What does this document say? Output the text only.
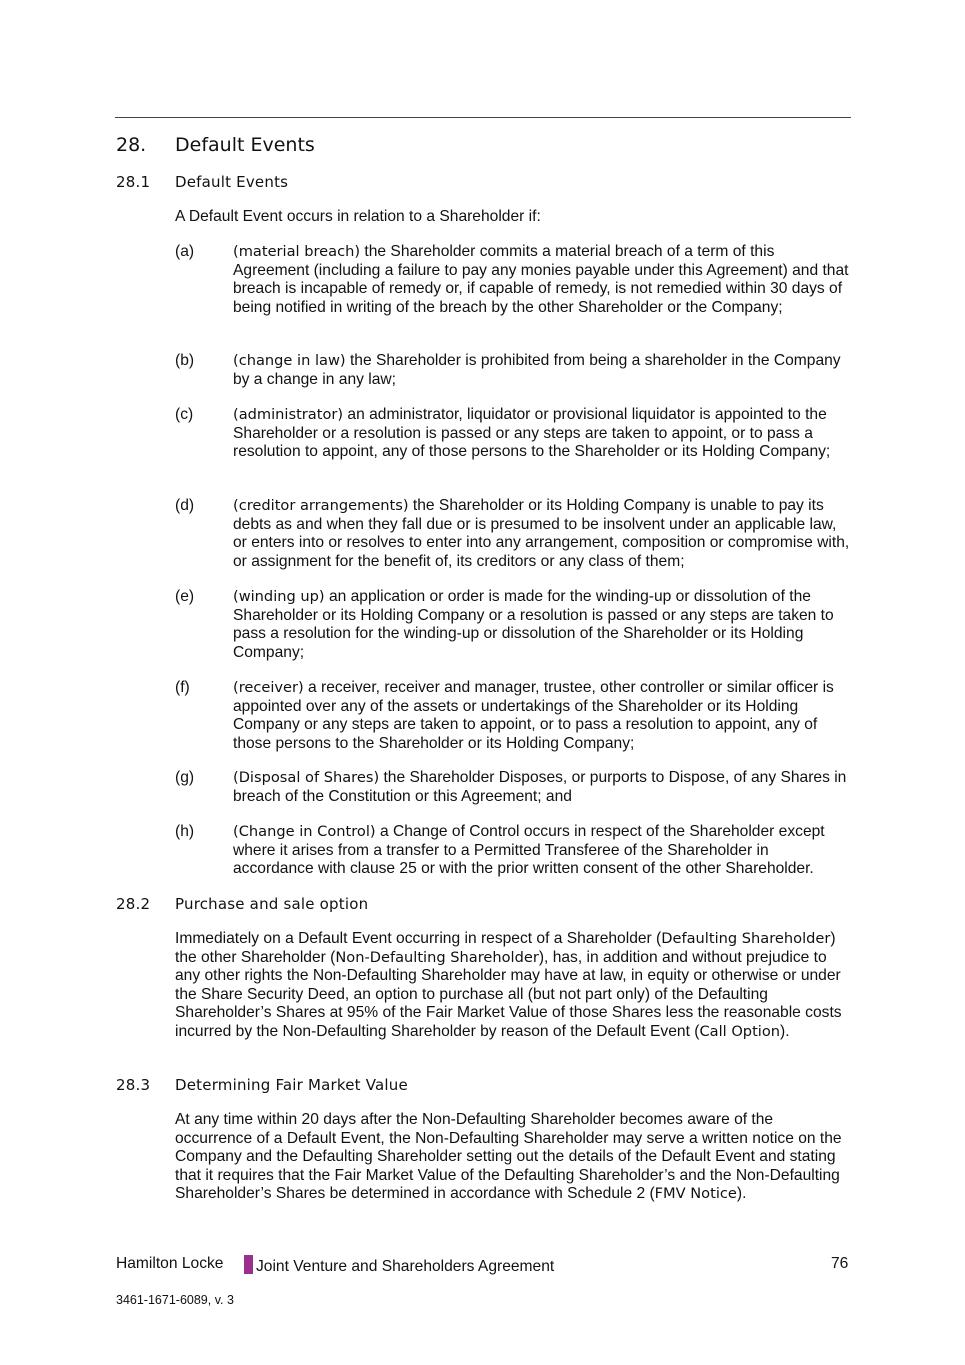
28. Default Events
28.1 Default Events
A Default Event occurs in relation to a Shareholder if:
(a)	(material breach) the Shareholder commits a material breach of a term of this Agreement (including a failure to pay any monies payable under this Agreement) and that breach is incapable of remedy or, if capable of remedy, is not remedied within 30 days of being notified in writing of the breach by the other Shareholder or the Company;
(b)	(change in law) the Shareholder is prohibited from being a shareholder in the Company by a change in any law;
(c)	(administrator) an administrator, liquidator or provisional liquidator is appointed to the Shareholder or a resolution is passed or any steps are taken to appoint, or to pass a resolution to appoint, any of those persons to the Shareholder or its Holding Company;
(d)	(creditor arrangements) the Shareholder or its Holding Company is unable to pay its debts as and when they fall due or is presumed to be insolvent under an applicable law, or enters into or resolves to enter into any arrangement, composition or compromise with, or assignment for the benefit of, its creditors or any class of them;
(e)	(winding up) an application or order is made for the winding-up or dissolution of the Shareholder or its Holding Company or a resolution is passed or any steps are taken to pass a resolution for the winding-up or dissolution of the Shareholder or its Holding Company;
(f)	(receiver) a receiver, receiver and manager, trustee, other controller or similar officer is appointed over any of the assets or undertakings of the Shareholder or its Holding Company or any steps are taken to appoint, or to pass a resolution to appoint, any of those persons to the Shareholder or its Holding Company;
(g)	(Disposal of Shares) the Shareholder Disposes, or purports to Dispose, of any Shares in breach of the Constitution or this Agreement; and
(h)	(Change in Control) a Change of Control occurs in respect of the Shareholder except where it arises from a transfer to a Permitted Transferee of the Shareholder in accordance with clause 25 or with the prior written consent of the other Shareholder.
28.2 Purchase and sale option
Immediately on a Default Event occurring in respect of a Shareholder (Defaulting Shareholder) the other Shareholder (Non-Defaulting Shareholder), has, in addition and without prejudice to any other rights the Non-Defaulting Shareholder may have at law, in equity or otherwise or under the Share Security Deed, an option to purchase all (but not part only) of the Defaulting Shareholder’s Shares at 95% of the Fair Market Value of those Shares less the reasonable costs incurred by the Non-Defaulting Shareholder by reason of the Default Event (Call Option).
28.3 Determining Fair Market Value
At any time within 20 days after the Non-Defaulting Shareholder becomes aware of the occurrence of a Default Event, the Non-Defaulting Shareholder may serve a written notice on the Company and the Defaulting Shareholder setting out the details of the Default Event and stating that it requires that the Fair Market Value of the Defaulting Shareholder’s and the Non-Defaulting Shareholder’s Shares be determined in accordance with Schedule 2 (FMV Notice).
Hamilton Locke	Joint Venture and Shareholders Agreement	76
3461-1671-6089, v. 3
